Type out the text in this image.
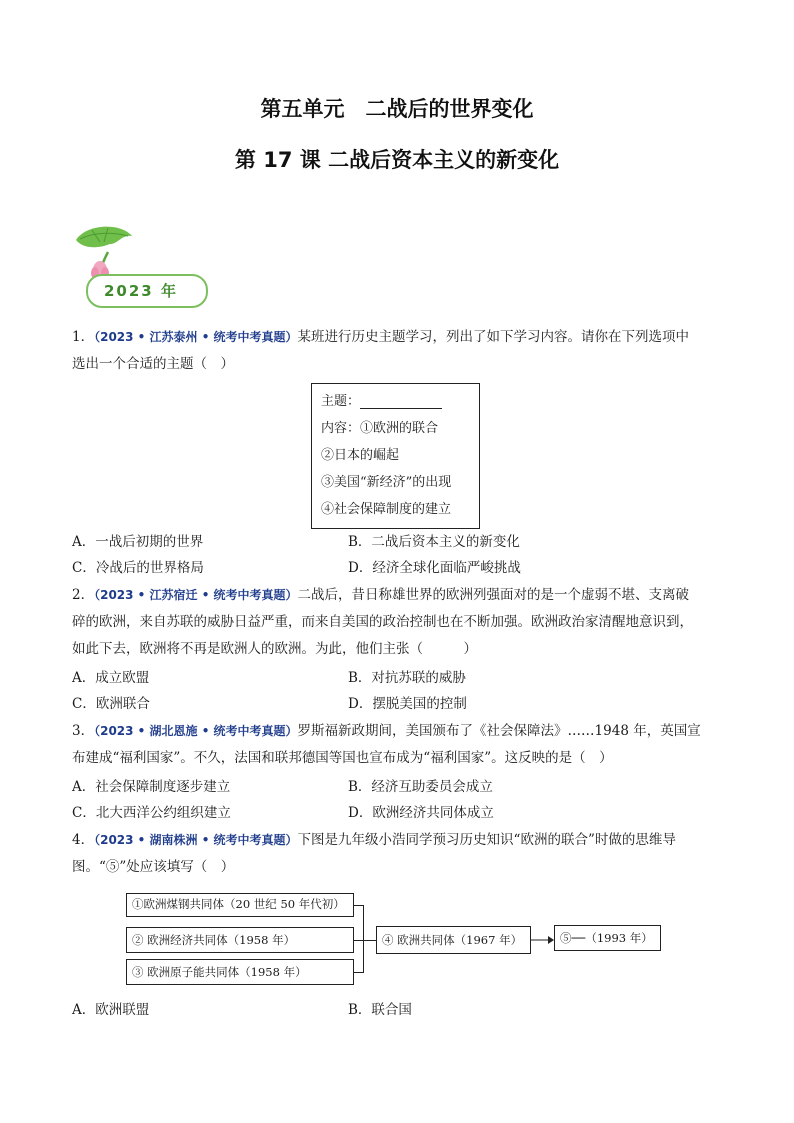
第五单元　二战后的世界变化
第 17 课 二战后资本主义的新变化
2023 年
1．（2023 • 江苏泰州 • 统考中考真题）某班进行历史主题学习，列出了如下学习内容。请你在下列选项中
选出一个合适的主题（　）
主题：
内容：①欧洲的联合
②日本的崛起
③美国“新经济”的出现
④社会保障制度的建立
A．一战后初期的世界	B．二战后资本主义的新变化
C．冷战后的世界格局	D．经济全球化面临严峻挑战
2．（2023 • 江苏宿迁 • 统考中考真题）二战后，昔日称雄世界的欧洲列强面对的是一个虚弱不堪、支离破
碎的欧洲，来自苏联的威胁日益严重，而来自美国的政治控制也在不断加强。欧洲政治家清醒地意识到，
如此下去，欧洲将不再是欧洲人的欧洲。为此，他们主张（　　　）
A．成立欧盟	B．对抗苏联的威胁
C．欧洲联合	D．摆脱美国的控制
3．（2023 • 湖北恩施 • 统考中考真题）罗斯福新政期间，美国颁布了《社会保障法》……1948 年，英国宣
布建成“福利国家”。不久，法国和联邦德国等国也宣布成为“福利国家”。这反映的是（　）
A．社会保障制度逐步建立	B．经济互助委员会成立
C．北大西洋公约组织建立	D．欧洲经济共同体成立
4．（2023 • 湖南株洲 • 统考中考真题）下图是九年级小浩同学预习历史知识“欧洲的联合”时做的思维导
图。“⑤”处应该填写（　）
①欧洲煤钢共同体（20 世纪 50 年代初）
② 欧洲经济共同体（1958 年）
③ 欧洲原子能共同体（1958 年）
④ 欧洲共同体（1967 年）	⑤──（1993 年）
A．欧洲联盟	B．联合国
